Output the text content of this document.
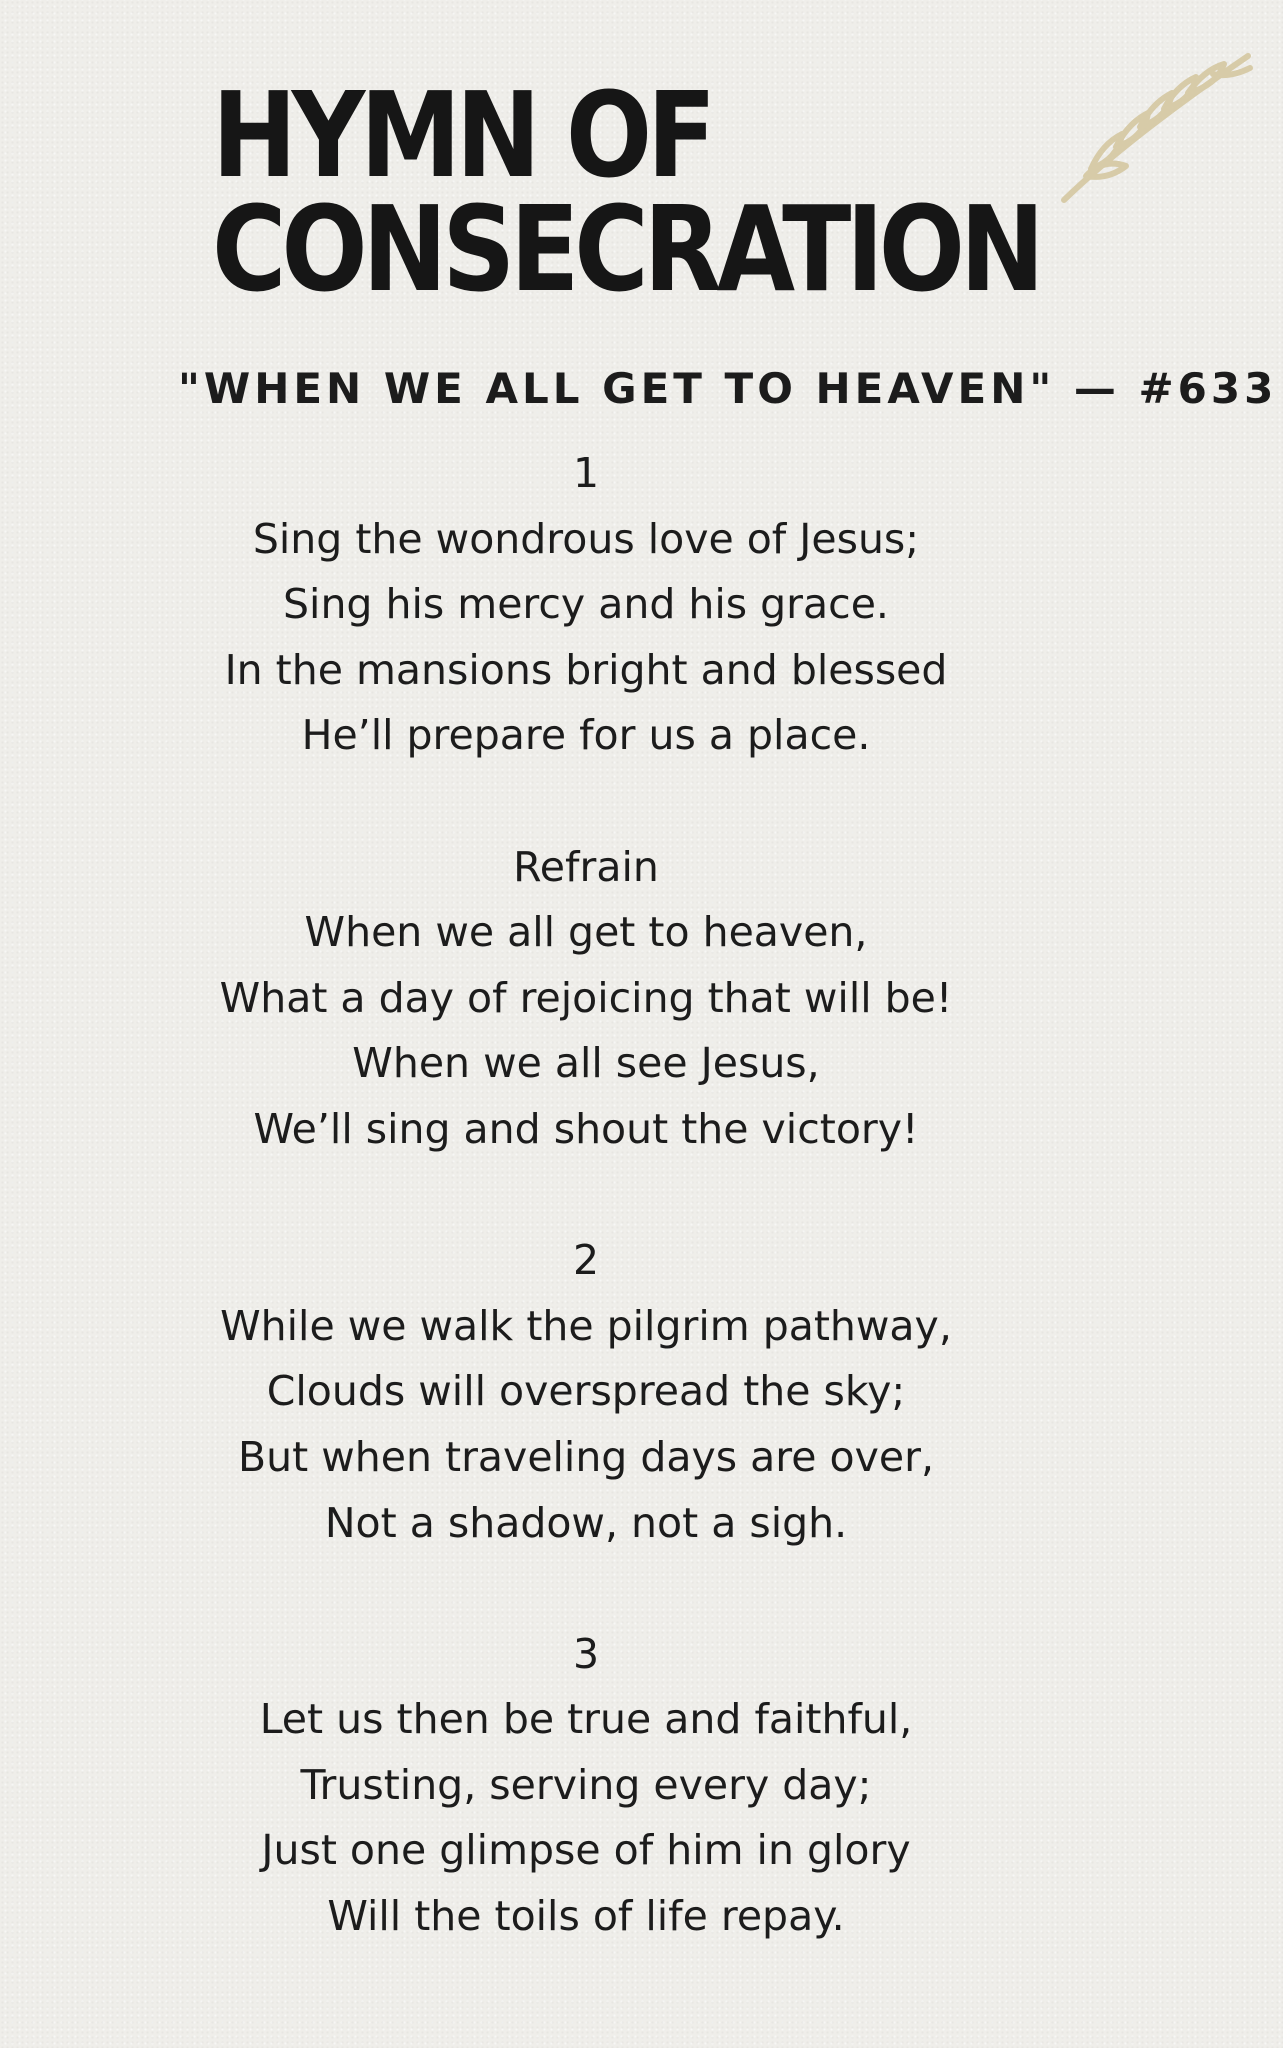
HYMN OF
CONSECRATION

"WHEN WE ALL GET TO HEAVEN" — #633

1
Sing the wondrous love of Jesus;
Sing his mercy and his grace.
In the mansions bright and blessed
He’ll prepare for us a place.
Refrain
When we all get to heaven,
What a day of rejoicing that will be!
When we all see Jesus,
We’ll sing and shout the victory!
2
While we walk the pilgrim pathway,
Clouds will overspread the sky;
But when traveling days are over,
Not a shadow, not a sigh.
3
Let us then be true and faithful,
Trusting, serving every day;
Just one glimpse of him in glory
Will the toils of life repay.
